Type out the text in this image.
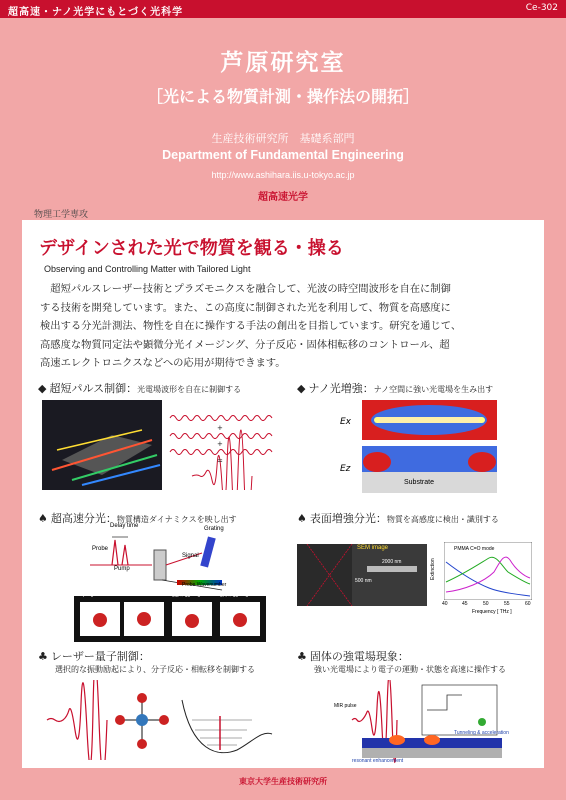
超高速・ナノ光学にもとづく光科学	Ce-302
芦原研究室
［光による物質計測・操作法の開拓］
生産技術研究所　基礎系部門
Department of Fundamental Engineering
http://www.ashihara.iis.u-tokyo.ac.jp
超高速光学
物理工学専攻
デザインされた光で物質を観る・操る
Observing and Controlling Matter with Tailored Light
超短パルスレーザー技術とプラズモニクスを融合して、光波の時空間波形を自在に制御
する技術を開発しています。また、この高度に制御された光を利用して、物質を高感度に
検出する分光計測法、物性を自在に操作する手法の創出を目指しています。研究を通じて、
高感度な物質同定法や顕微分光イメージング、分子反応・固体相転移のコントロール、超
高速エレクトロニクスなどへの応用が期待できます。
◆ 超短パルス制御：光電場波形を自在に制御する
+
+
=
◆ ナノ光増強：ナノ空間に強い光電場を生み出す
Ex
Ez
Substrate
♠ 超高速分光：物質構造ダイナミクスを映し出す
Delay time	Grating
Probe
Pump
Signal
Probe Wavenumber
T = 0	0.2 × 10⁻¹² s	0.4 × 10⁻¹² s
♠ 表面増強分光：物質を高感度に検出・識別する
SEM image
2000 nm
500 nm
PMMA C=O mode
Extinction
40	45	50	55	60
Frequency [ THz ]
♣ レーザー量子制御：
選択的な振動励起により、分子反応・相転移を制御する
♣ 固体の強電場現象：
強い光電場により電子の運動・状態を高速に操作する
MIR pulse
Tunneling & acceleration
resonant enhancement
東京大学生産技術研究所
